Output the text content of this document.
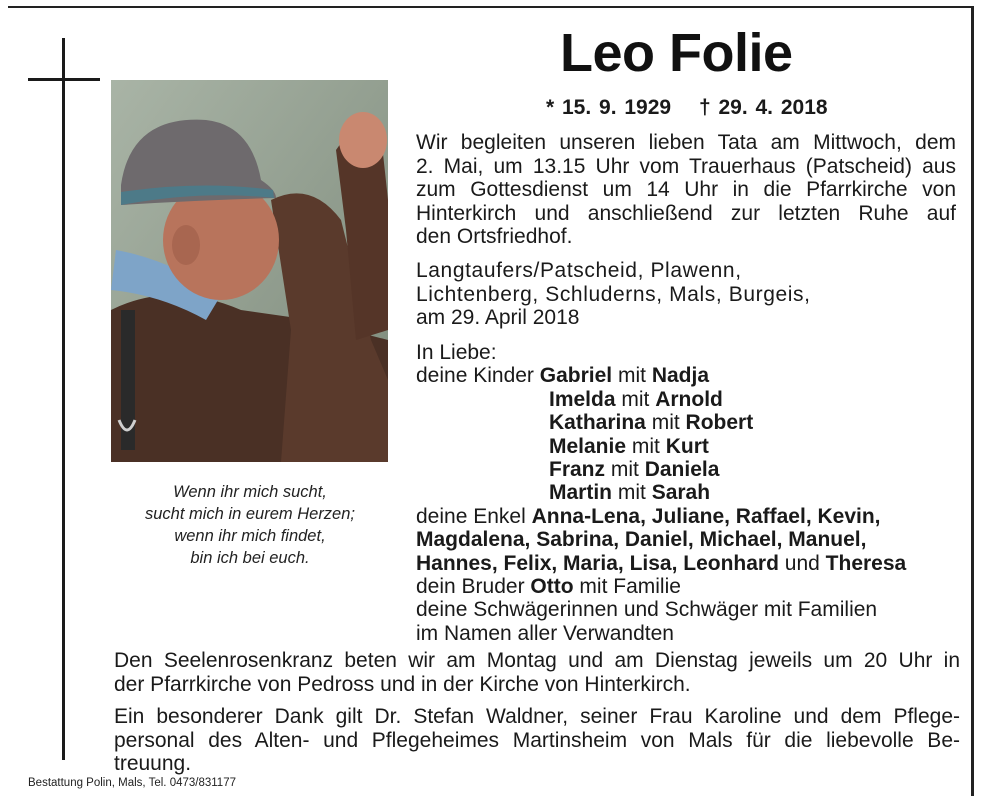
Wenn ihr mich sucht,
sucht mich in eurem Herzen;
wenn ihr mich findet,
bin ich bei euch.
Leo Folie
* 15. 9. 1929 † 29. 4. 2018
Wir begleiten unseren lieben Tata am Mittwoch, dem
2. Mai, um 13.15 Uhr vom Trauerhaus (Patscheid) aus
zum Gottesdienst um 14 Uhr in die Pfarrkirche von
Hinterkirch und anschließend zur letzten Ruhe auf
den Ortsfriedhof.
Langtaufers/Patscheid, Plawenn,
Lichtenberg, Schluderns, Mals, Burgeis,
am 29. April 2018
In Liebe:
deine Kinder Gabriel mit Nadja
Imelda mit Arnold
Katharina mit Robert
Melanie mit Kurt
Franz mit Daniela
Martin mit Sarah
deine Enkel Anna-Lena, Juliane, Raffael, Kevin,
Magdalena, Sabrina, Daniel, Michael, Manuel,
Hannes, Felix, Maria, Lisa, Leonhard und Theresa
dein Bruder Otto mit Familie
deine Schwägerinnen und Schwäger mit Familien
im Namen aller Verwandten
Den Seelenrosenkranz beten wir am Montag und am Dienstag jeweils um 20 Uhr in
der Pfarrkirche von Pedross und in der Kirche von Hinterkirch.
Ein besonderer Dank gilt Dr. Stefan Waldner, seiner Frau Karoline und dem Pflege-
personal des Alten- und Pflegeheimes Martinsheim von Mals für die liebevolle Be-
treuung.
Bestattung Polin, Mals, Tel. 0473/831177
